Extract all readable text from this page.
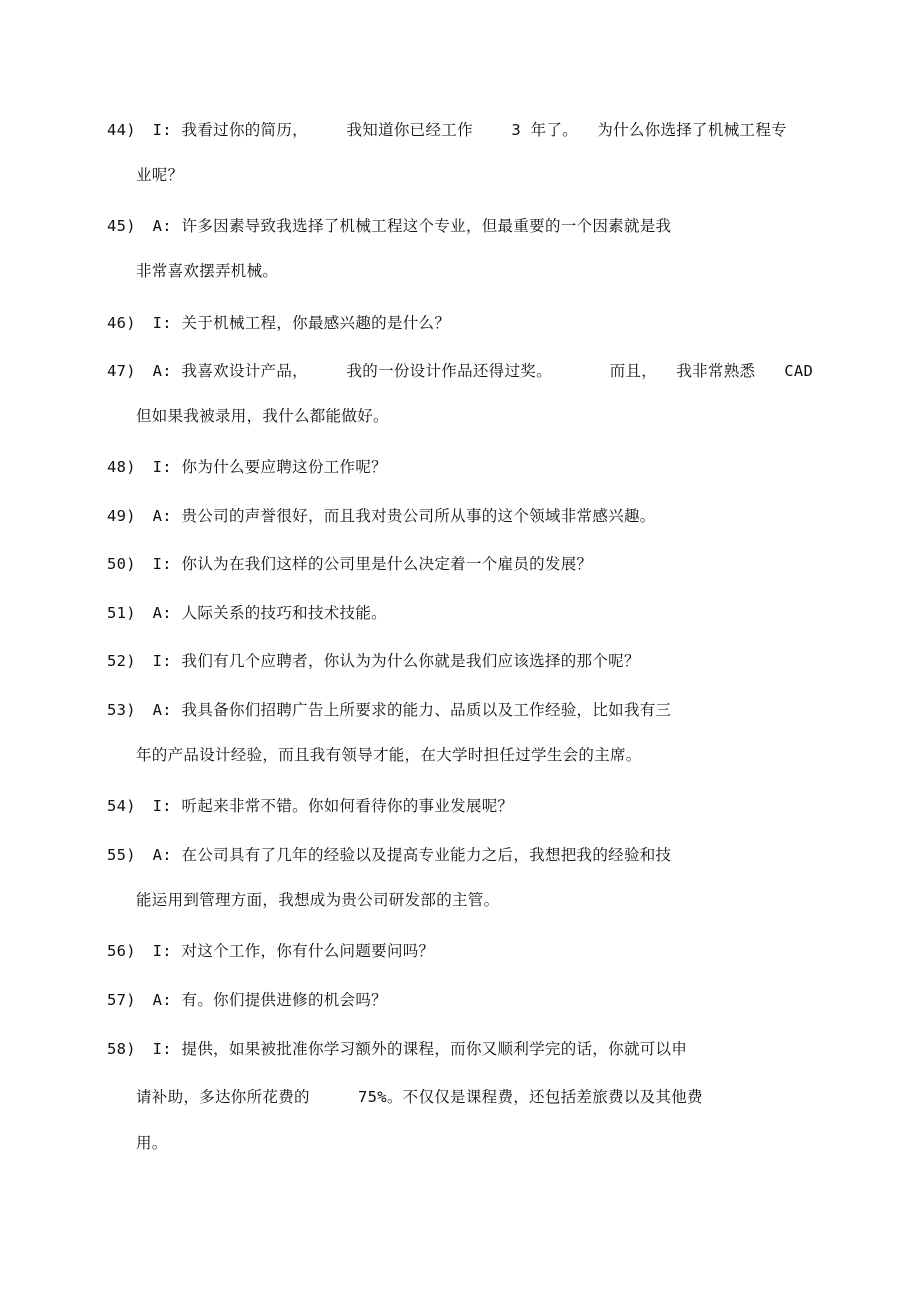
44) I: 我看过你的简历，    我知道你已经工作    3 年了。  为什么你选择了机械工程专
业呢？
45) A: 许多因素导致我选择了机械工程这个专业，但最重要的一个因素就是我
非常喜欢摆弄机械。
46) I: 关于机械工程，你最感兴趣的是什么？
47) A: 我喜欢设计产品，    我的一份设计作品还得过奖。      而且，  我非常熟悉   CAD
但如果我被录用，我什么都能做好。
48) I: 你为什么要应聘这份工作呢？
49) A: 贵公司的声誉很好，而且我对贵公司所从事的这个领域非常感兴趣。
50) I: 你认为在我们这样的公司里是什么决定着一个雇员的发展？
51) A: 人际关系的技巧和技术技能。
52) I: 我们有几个应聘者，你认为为什么你就是我们应该选择的那个呢？
53) A: 我具备你们招聘广告上所要求的能力、品质以及工作经验，比如我有三
年的产品设计经验，而且我有领导才能，在大学时担任过学生会的主席。
54) I: 听起来非常不错。你如何看待你的事业发展呢？
55) A: 在公司具有了几年的经验以及提高专业能力之后，我想把我的经验和技
能运用到管理方面，我想成为贵公司研发部的主管。
56) I: 对这个工作，你有什么问题要问吗？
57) A: 有。你们提供进修的机会吗？
58) I: 提供，如果被批准你学习额外的课程，而你又顺利学完的话，你就可以申
请补助，多达你所花费的     75%。不仅仅是课程费，还包括差旅费以及其他费
用。
